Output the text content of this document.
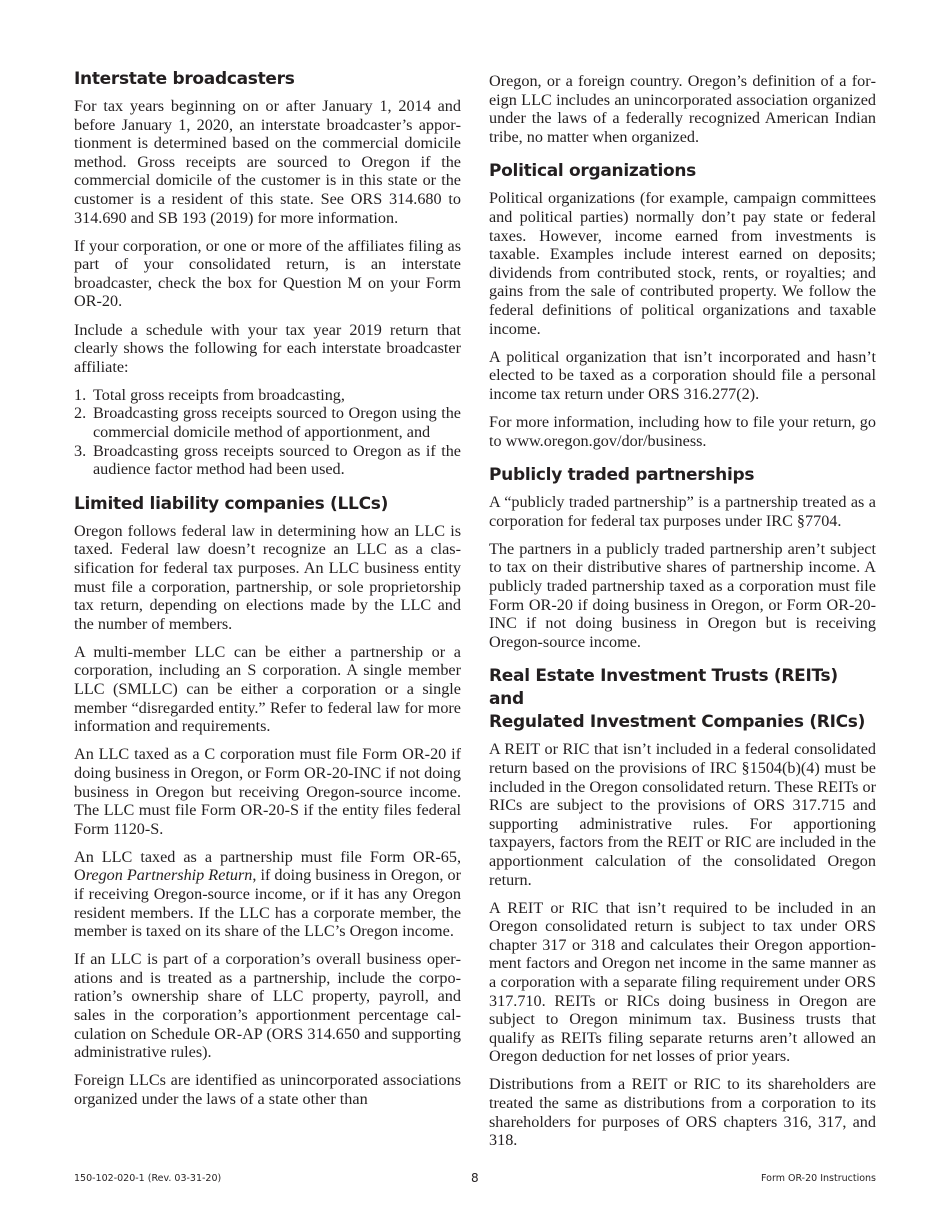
Interstate broadcasters

For tax years beginning on or after January 1, 2014 and before January 1, 2020, an interstate broadcaster’s apportionment is determined based on the commercial domicile method. Gross receipts are sourced to Oregon if the commercial domicile of the customer is in this state or the customer is a resident of this state. See ORS 314.680 to 314.690 and SB 193 (2019) for more information.

If your corporation, or one or more of the affiliates filing as part of your consolidated return, is an interstate broadcaster, check the box for Question M on your Form OR-20.

Include a schedule with your tax year 2019 return that clearly shows the following for each interstate broadcaster affiliate:

1. Total gross receipts from broadcasting,
2. Broadcasting gross receipts sourced to Oregon using the commercial domicile method of apportionment, and
3. Broadcasting gross receipts sourced to Oregon as if the audience factor method had been used.
Limited liability companies (LLCs)

Oregon follows federal law in determining how an LLC is taxed. Federal law doesn’t recognize an LLC as a classification for federal tax purposes. An LLC business entity must file a corporation, partnership, or sole proprietorship tax return, depending on elections made by the LLC and the number of members.

A multi-member LLC can be either a partnership or a corporation, including an S corporation. A single member LLC (SMLLC) can be either a corporation or a single member “disregarded entity.” Refer to federal law for more information and requirements.

An LLC taxed as a C corporation must file Form OR-20 if doing business in Oregon, or Form OR-20-INC if not doing business in Oregon but receiving Oregon-source income. The LLC must file Form OR-20-S if the entity files federal Form 1120-S.

An LLC taxed as a partnership must file Form OR-65, Oregon Partnership Return, if doing business in Oregon, or if receiving Oregon-source income, or if it has any Oregon resident members. If the LLC has a corporate member, the member is taxed on its share of the LLC’s Oregon income.

If an LLC is part of a corporation’s overall business operations and is treated as a partnership, include the corporation’s ownership share of LLC property, payroll, and sales in the corporation’s apportionment percentage calculation on Schedule OR-AP (ORS 314.650 and supporting administrative rules).

Foreign LLCs are identified as unincorporated associations organized under the laws of a state other than

Oregon, or a foreign country. Oregon’s definition of a foreign LLC includes an unincorporated association organized under the laws of a federally recognized American Indian tribe, no matter when organized.

Political organizations

Political organizations (for example, campaign committees and political parties) normally don’t pay state or federal taxes. However, income earned from investments is taxable. Examples include interest earned on deposits; dividends from contributed stock, rents, or royalties; and gains from the sale of contributed property. We follow the federal definitions of political organizations and taxable income.

A political organization that isn’t incorporated and hasn’t elected to be taxed as a corporation should file a personal income tax return under ORS 316.277(2).

For more information, including how to file your return, go to www.oregon.gov/dor/business.

Publicly traded partnerships

A “publicly traded partnership” is a partnership treated as a corporation for federal tax purposes under IRC §7704.

The partners in a publicly traded partnership aren’t subject to tax on their distributive shares of partnership income. A publicly traded partnership taxed as a corporation must file Form OR-20 if doing business in Oregon, or Form OR-20-INC if not doing business in Oregon but is receiving Oregon-source income.

Real Estate Investment Trusts (REITs) and
Regulated Investment Companies (RICs)

A REIT or RIC that isn’t included in a federal consolidated return based on the provisions of IRC §1504(b)(4) must be included in the Oregon consolidated return. These REITs or RICs are subject to the provisions of ORS 317.715 and supporting administrative rules. For apportioning taxpayers, factors from the REIT or RIC are included in the apportionment calculation of the consolidated Oregon return.

A REIT or RIC that isn’t required to be included in an Oregon consolidated return is subject to tax under ORS chapter 317 or 318 and calculates their Oregon apportionment factors and Oregon net income in the same manner as a corporation with a separate filing requirement under ORS 317.710. REITs or RICs doing business in Oregon are subject to Oregon minimum tax. Business trusts that qualify as REITs filing separate returns aren’t allowed an Oregon deduction for net losses of prior years.

Distributions from a REIT or RIC to its shareholders are treated the same as distributions from a corporation to its shareholders for purposes of ORS chapters 316, 317, and 318.

150-102-020-1 (Rev. 03-31-20)	8	Form OR-20 Instructions
